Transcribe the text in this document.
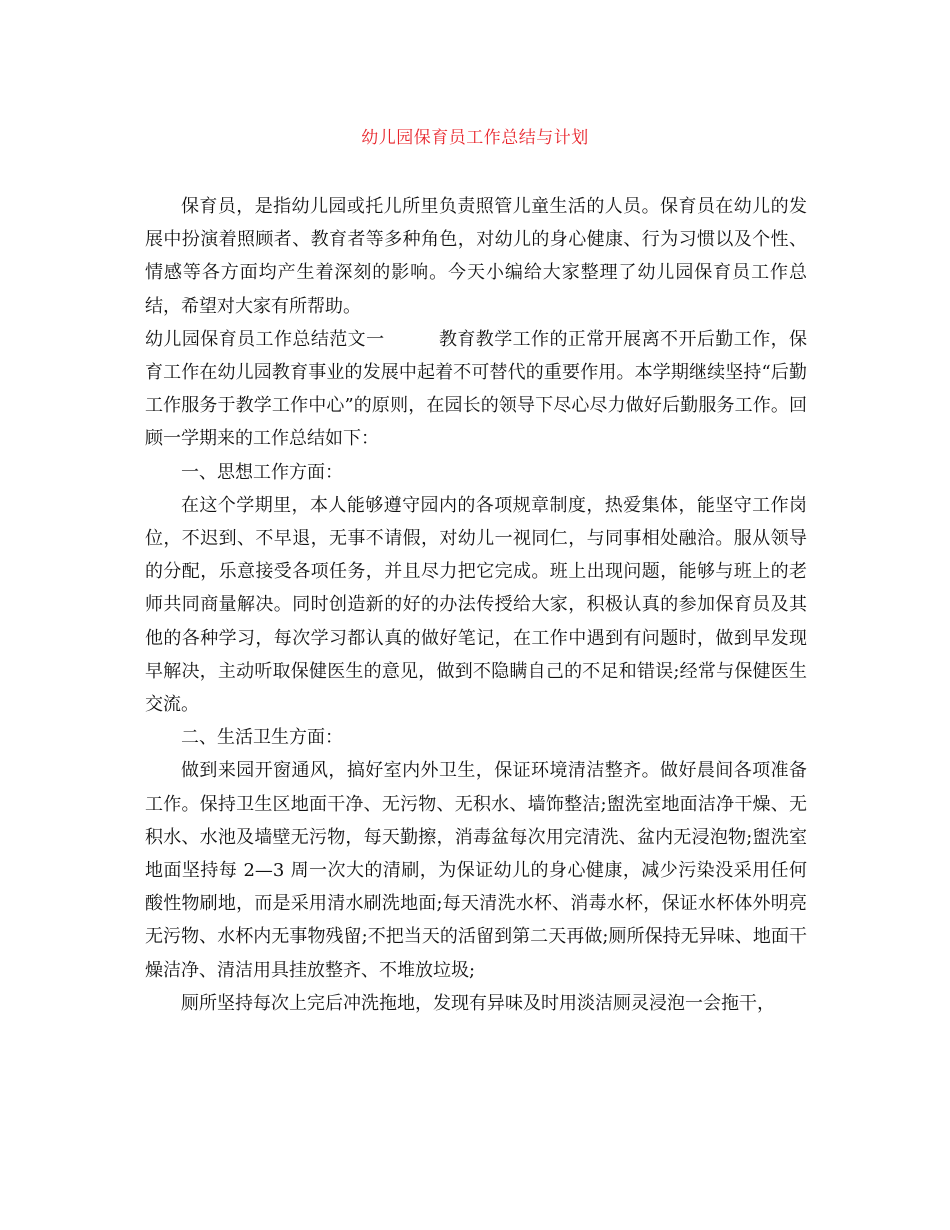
幼儿园保育员工作总结与计划

保育员，是指幼儿园或托儿所里负责照管儿童生活的人员。保育员在幼儿的发展中扮演着照顾者、教育者等多种角色，对幼儿的身心健康、行为习惯以及个性、情感等各方面均产生着深刻的影响。今天小编给大家整理了幼儿园保育员工作总结，希望对大家有所帮助。

幼儿园保育员工作总结范文一	教育教学工作的正常开展离不开后勤工作，保育工作在幼儿园教育事业的发展中起着不可替代的重要作用。本学期继续坚持“后勤工作服务于教学工作中心”的原则，在园长的领导下尽心尽力做好后勤服务工作。回顾一学期来的工作总结如下：

一、思想工作方面：

在这个学期里，本人能够遵守园内的各项规章制度，热爱集体，能坚守工作岗位，不迟到、不早退，无事不请假，对幼儿一视同仁，与同事相处融洽。服从领导的分配，乐意接受各项任务，并且尽力把它完成。班上出现问题，能够与班上的老师共同商量解决。同时创造新的好的办法传授给大家，积极认真的参加保育员及其他的各种学习，每次学习都认真的做好笔记，在工作中遇到有问题时，做到早发现早解决，主动听取保健医生的意见，做到不隐瞒自己的不足和错误;经常与保健医生交流。

二、生活卫生方面：

做到来园开窗通风，搞好室内外卫生，保证环境清洁整齐。做好晨间各项准备工作。保持卫生区地面干净、无污物、无积水、墙饰整洁;盥洗室地面洁净干燥、无积水、水池及墙壁无污物，每天勤擦，消毒盆每次用完清洗、盆内无浸泡物;盥洗室地面坚持每 2—3 周一次大的清刷，为保证幼儿的身心健康，减少污染没采用任何酸性物刷地，而是采用清水刷洗地面;每天清洗水杯、消毒水杯，保证水杯体外明亮无污物、水杯内无事物残留;不把当天的活留到第二天再做;厕所保持无异味、地面干燥洁净、清洁用具挂放整齐、不堆放垃圾;

厕所坚持每次上完后冲洗拖地，发现有异味及时用淡洁厕灵浸泡一会拖干，
